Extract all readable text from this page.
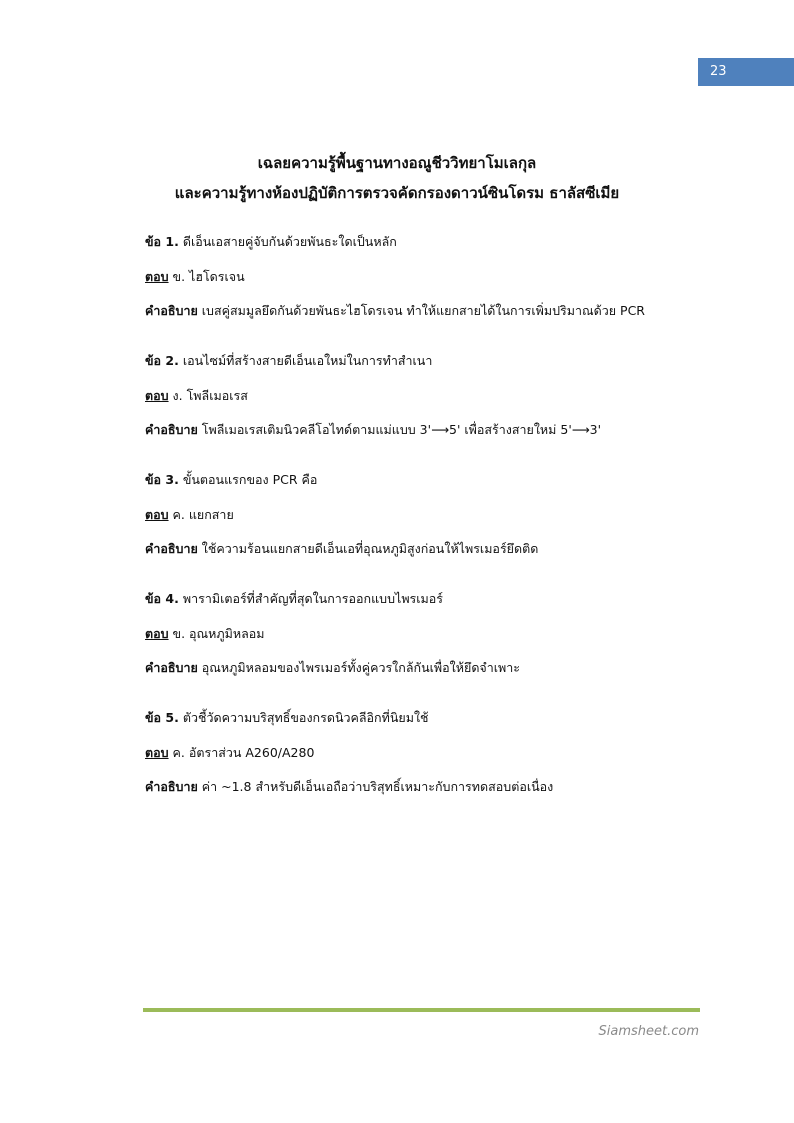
23
เฉลยความรู้พื้นฐานทางอณูชีววิทยาโมเลกุล
และความรู้ทางห้องปฏิบัติการตรวจคัดกรองดาวน์ซินโดรม ธาลัสซีเมีย
ข้อ 1. ดีเอ็นเอสายคู่จับกันด้วยพันธะใดเป็นหลัก
ตอบ ข. ไฮโดรเจน
คำอธิบาย เบสคู่สมมูลยึดกันด้วยพันธะไฮโดรเจน ทำให้แยกสายได้ในการเพิ่มปริมาณด้วย PCR
ข้อ 2. เอนไซม์ที่สร้างสายดีเอ็นเอใหม่ในการทำสำเนา
ตอบ ง. โพลีเมอเรส
คำอธิบาย โพลีเมอเรสเติมนิวคลีโอไทด์ตามแม่แบบ 3'⟶5' เพื่อสร้างสายใหม่ 5'⟶3'
ข้อ 3. ขั้นตอนแรกของ PCR คือ
ตอบ ค. แยกสาย
คำอธิบาย ใช้ความร้อนแยกสายดีเอ็นเอที่อุณหภูมิสูงก่อนให้ไพรเมอร์ยึดติด
ข้อ 4. พารามิเตอร์ที่สำคัญที่สุดในการออกแบบไพรเมอร์
ตอบ ข. อุณหภูมิหลอม
คำอธิบาย อุณหภูมิหลอมของไพรเมอร์ทั้งคู่ควรใกล้กันเพื่อให้ยึดจำเพาะ
ข้อ 5. ตัวชี้วัดความบริสุทธิ์ของกรดนิวคลีอิกที่นิยมใช้
ตอบ ค. อัตราส่วน A260/A280
คำอธิบาย ค่า ~1.8 สำหรับดีเอ็นเอถือว่าบริสุทธิ์เหมาะกับการทดสอบต่อเนื่อง
Siamsheet.com
